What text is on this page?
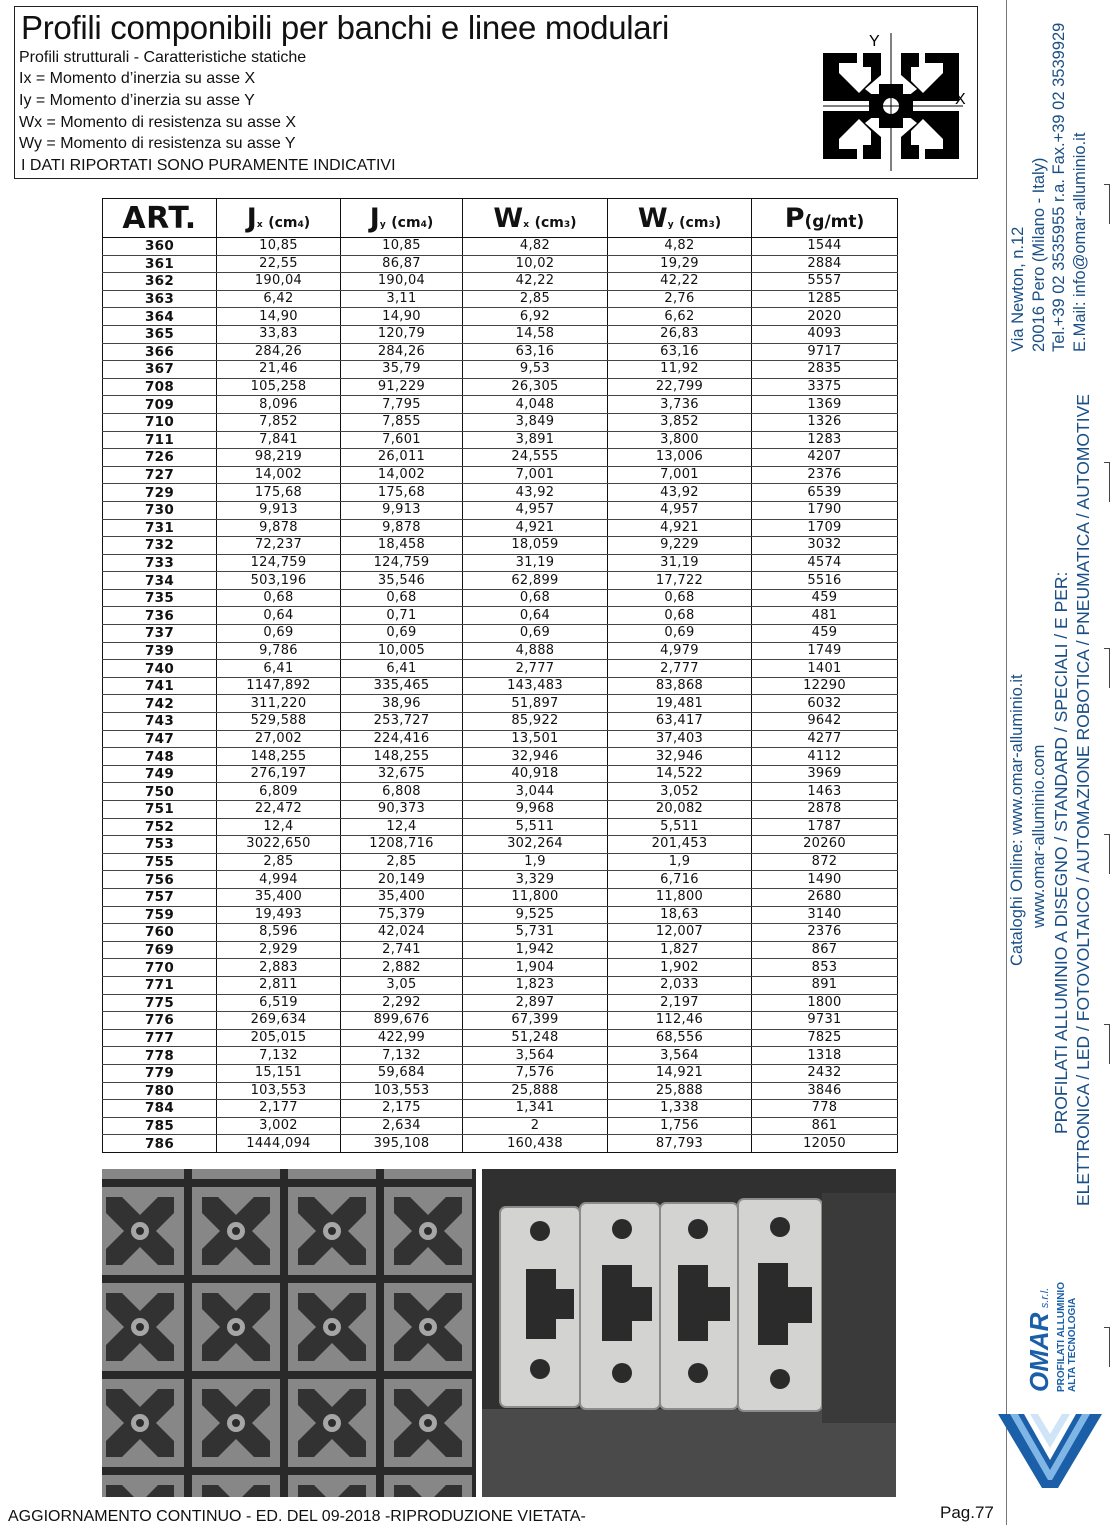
Profili componibili per banchi e linee modulari
Profili strutturali - Caratteristiche statiche
Ix = Momento d’inerzia su asse X
Iy = Momento d’inerzia su asse Y
Wx = Momento di resistenza su asse X
Wy = Momento di resistenza su asse Y
I DATI RIPORTATI SONO PURAMENTE INDICATIVI
Y
X
ART.	Jx (cm4)	Jy (cm4)	Wx (cm3)	Wy (cm3)	P(g/mt)
360	10,85	10,85	4,82	4,82	1544
361	22,55	86,87	10,02	19,29	2884
362	190,04	190,04	42,22	42,22	5557
363	6,42	3,11	2,85	2,76	1285
364	14,90	14,90	6,92	6,62	2020
365	33,83	120,79	14,58	26,83	4093
366	284,26	284,26	63,16	63,16	9717
367	21,46	35,79	9,53	11,92	2835
708	105,258	91,229	26,305	22,799	3375
709	8,096	7,795	4,048	3,736	1369
710	7,852	7,855	3,849	3,852	1326
711	7,841	7,601	3,891	3,800	1283
726	98,219	26,011	24,555	13,006	4207
727	14,002	14,002	7,001	7,001	2376
729	175,68	175,68	43,92	43,92	6539
730	9,913	9,913	4,957	4,957	1790
731	9,878	9,878	4,921	4,921	1709
732	72,237	18,458	18,059	9,229	3032
733	124,759	124,759	31,19	31,19	4574
734	503,196	35,546	62,899	17,722	5516
735	0,68	0,68	0,68	0,68	459
736	0,64	0,71	0,64	0,68	481
737	0,69	0,69	0,69	0,69	459
739	9,786	10,005	4,888	4,979	1749
740	6,41	6,41	2,777	2,777	1401
741	1147,892	335,465	143,483	83,868	12290
742	311,220	38,96	51,897	19,481	6032
743	529,588	253,727	85,922	63,417	9642
747	27,002	224,416	13,501	37,403	4277
748	148,255	148,255	32,946	32,946	4112
749	276,197	32,675	40,918	14,522	3969
750	6,809	6,808	3,044	3,052	1463
751	22,472	90,373	9,968	20,082	2878
752	12,4	12,4	5,511	5,511	1787
753	3022,650	1208,716	302,264	201,453	20260
755	2,85	2,85	1,9	1,9	872
756	4,994	20,149	3,329	6,716	1490
757	35,400	35,400	11,800	11,800	2680
759	19,493	75,379	9,525	18,63	3140
760	8,596	42,024	5,731	12,007	2376
769	2,929	2,741	1,942	1,827	867
770	2,883	2,882	1,904	1,902	853
771	2,811	3,05	1,823	2,033	891
775	6,519	2,292	2,897	2,197	1800
776	269,634	899,676	67,399	112,46	9731
777	205,015	422,99	51,248	68,556	7825
778	7,132	7,132	3,564	3,564	1318
779	15,151	59,684	7,576	14,921	2432
780	103,553	103,553	25,888	25,888	3846
784	2,177	2,175	1,341	1,338	778
785	3,002	2,634	2	1,756	861
786	1444,094	395,108	160,438	87,793	12050
AGGIORNAMENTO CONTINUO - ED. DEL 09-2018 -RIPRODUZIONE VIETATA-	Pag.77
Via Newton, n.12 20016 Pero (Milano - Italy) Tel.+39 02 3535955 r.a. Fax.+39 02 3539929 E.Mail: info@omar-alluminio.it
Cataloghi Online: www.omar-alluminio.it www.omar-alluminio.com PROFILATI ALLUMINIO A DISEGNO / STANDARD / SPECIALI / E PER: ELETTRONICA / LED / FOTOVOLTAICO / AUTOMAZIONE ROBOTICA / PNEUMATICA / AUTOMOTIVE
OMAR s.r.l. PROFILATI ALLUMINIO ALTA TECNOLOGIA
